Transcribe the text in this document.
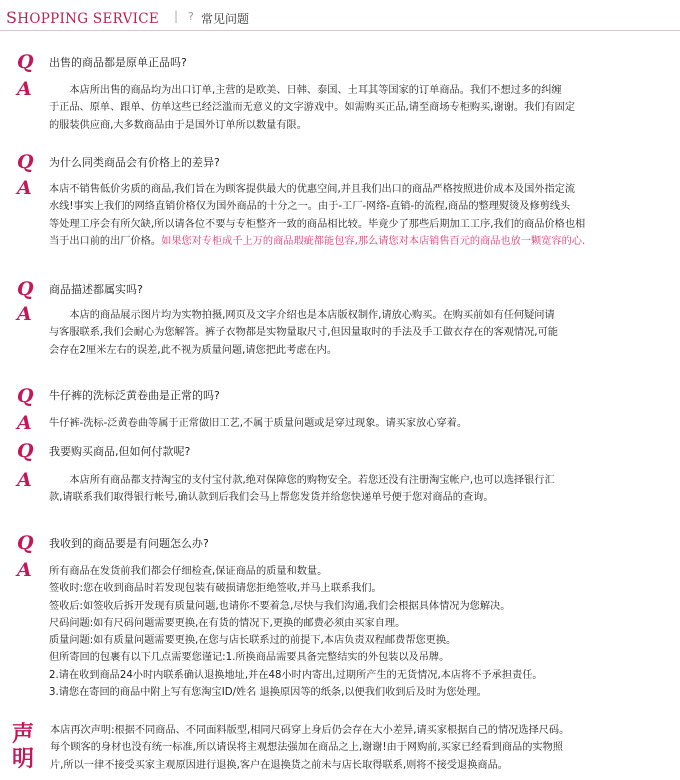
SHOPPING SERVICE | ? 常见问题
Q 出售的商品都是原单正品吗?
A 　　本店所出售的商品均为出口订单,主营的是欧美、日韩、泰国、土耳其等国家的订单商品。我们不想过多的纠缠

于正品、原单、跟单、仿单这些已经泛滥而无意义的文字游戏中。如需购买正品,请至商场专柜购买,谢谢。我们有固定

的服装供应商,大多数商品由于是国外订单所以数量有限。

Q 为什么同类商品会有价格上的差异?
A 本店不销售低价劣质的商品,我们旨在为顾客提供最大的优惠空间,并且我们出口的商品严格按照进价成本及国外指定流

水线!事实上我们的网络直销价格仅为国外商品的十分之一。由于-工厂-网络-直销-的流程,商品的整理熨烫及修剪线头

等处理工序会有所欠缺,所以请各位不要与专柜整齐一致的商品相比较。毕竟少了那些后期加工工序,我们的商品价格也相

当于出口前的出厂价格。如果您对专柜成千上万的商品瑕疵都能包容,那么请您对本店销售百元的商品也放一颗宽容的心.

Q 商品描述都属实吗?
A 　　本店的商品展示图片均为实物拍摄,网页及文字介绍也是本店版权制作,请放心购买。在购买前如有任何疑问请

与客服联系,我们会耐心为您解答。裤子衣物都是实物量取尺寸,但因量取时的手法及手工做衣存在的客观情况,可能

会存在2厘米左右的误差,此不视为质量问题,请您把此考虑在内。

Q 牛仔裤的洗标泛黄卷曲是正常的吗?
A 牛仔裤-洗标-泛黄卷曲等属于正常做旧工艺,不属于质量问题或是穿过现象。请买家放心穿着。

Q 我要购买商品,但如何付款呢?
A 　　本店所有商品都支持淘宝的支付宝付款,绝对保障您的购物安全。若您还没有注册淘宝帐户,也可以选择银行汇

款,请联系我们取得银行帐号,确认款到后我们会马上帮您发货并给您快递单号便于您对商品的查询。

Q 我收到的商品要是有问题怎么办?
A 所有商品在发货前我们都会仔细检查,保证商品的质量和数量。

签收时:您在收到商品时若发现包装有破损请您拒绝签收,并马上联系我们。

签收后:如签收后拆开发现有质量问题,也请你不要着急,尽快与我们沟通,我们会根据具体情况为您解决。

尺码问题:如有尺码问题需要更换,在有货的情况下,更换的邮费必须由买家自理。

质量问题:如有质量问题需要更换,在您与店长联系过的前提下,本店负责双程邮费帮您更换。

但所寄回的包裹有以下几点需要您谨记:1.所换商品需要具备完整结实的外包装以及吊牌。

2.请在收到商品24小时内联系确认退换地址,并在48小时内寄出,过期所产生的无货情况,本店将不予承担责任。

3.请您在寄回的商品中附上写有您淘宝ID/姓名 退换原因等的纸条,以便我们收到后及时为您处理。

声
明

本店再次声明:根据不同商品、不同面料版型,相同尺码穿上身后仍会存在大小差异,请买家根据自己的情况选择尺码。

每个顾客的身材也没有统一标准,所以请误将主观想法强加在商品之上,谢谢!由于网购前,买家已经看到商品的实物照

片,所以一律不接受买家主观原因进行退换,客户在退换货之前未与店长取得联系,则将不接受退换商品。
